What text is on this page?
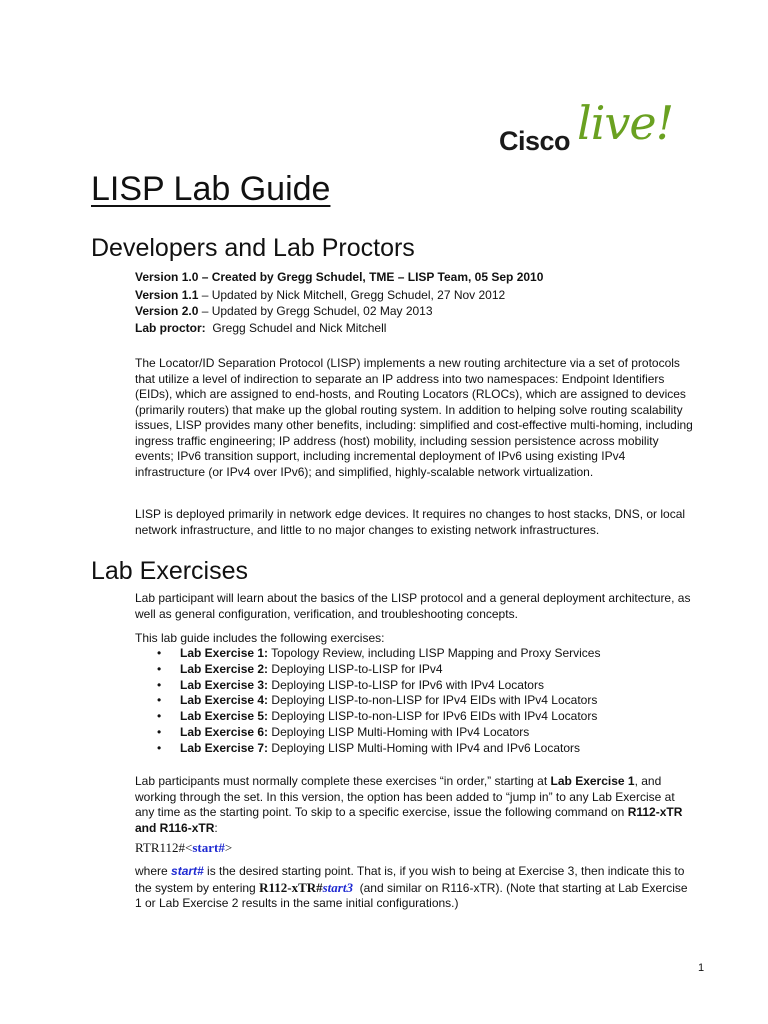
Cisco live!
LISP Lab Guide
Developers and Lab Proctors
Version 1.0 – Created by Gregg Schudel, TME – LISP Team, 05 Sep 2010
Version 1.1 – Updated by Nick Mitchell, Gregg Schudel, 27 Nov 2012
Version 2.0 – Updated by Gregg Schudel, 02 May 2013
Lab proctor:  Gregg Schudel and Nick Mitchell

The Locator/ID Separation Protocol (LISP) implements a new routing architecture via a set of protocols that utilize a level of indirection to separate an IP address into two namespaces: Endpoint Identifiers (EIDs), which are assigned to end-hosts, and Routing Locators (RLOCs), which are assigned to devices (primarily routers) that make up the global routing system. In addition to helping solve routing scalability issues, LISP provides many other benefits, including: simplified and cost-effective multi-homing, including ingress traffic engineering; IP address (host) mobility, including session persistence across mobility events; IPv6 transition support, including incremental deployment of IPv6 using existing IPv4 infrastructure (or IPv4 over IPv6); and simplified, highly-scalable network virtualization.

LISP is deployed primarily in network edge devices. It requires no changes to host stacks, DNS, or local network infrastructure, and little to no major changes to existing network infrastructures.

Lab Exercises

Lab participant will learn about the basics of the LISP protocol and a general deployment architecture, as well as general configuration, verification, and troubleshooting concepts.

This lab guide includes the following exercises:

• Lab Exercise 1: Topology Review, including LISP Mapping and Proxy Services
• Lab Exercise 2: Deploying LISP-to-LISP for IPv4
• Lab Exercise 3: Deploying LISP-to-LISP for IPv6 with IPv4 Locators
• Lab Exercise 4: Deploying LISP-to-non-LISP for IPv4 EIDs with IPv4 Locators
• Lab Exercise 5: Deploying LISP-to-non-LISP for IPv6 EIDs with IPv4 Locators
• Lab Exercise 6: Deploying LISP Multi-Homing with IPv4 Locators
• Lab Exercise 7: Deploying LISP Multi-Homing with IPv4 and IPv6 Locators

Lab participants must normally complete these exercises “in order,” starting at Lab Exercise 1, and working through the set. In this version, the option has been added to “jump in” to any Lab Exercise at any time as the starting point. To skip to a specific exercise, issue the following command on R112-xTR and R116-xTR:

RTR112#<start#>

where start# is the desired starting point. That is, if you wish to being at Exercise 3, then indicate this to the system by entering R112-xTR#start3  (and similar on R116-xTR). (Note that starting at Lab Exercise 1 or Lab Exercise 2 results in the same initial configurations.)

1
